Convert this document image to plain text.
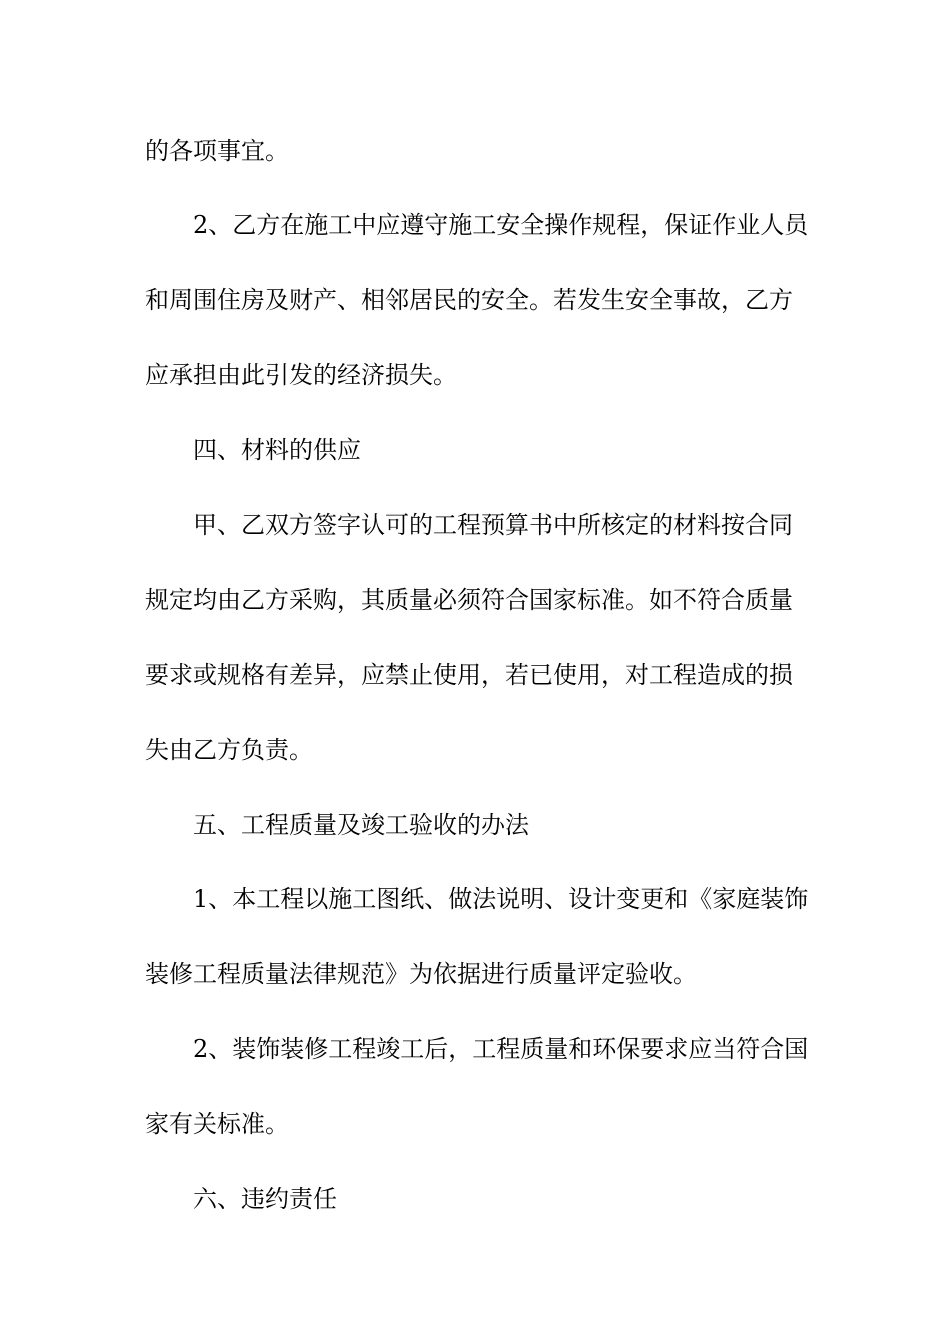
的各项事宜。
2、乙方在施工中应遵守施工安全操作规程，保证作业人员
和周围住房及财产、相邻居民的安全。若发生安全事故，乙方
应承担由此引发的经济损失。
四、材料的供应
甲、乙双方签字认可的工程预算书中所核定的材料按合同
规定均由乙方采购，其质量必须符合国家标准。如不符合质量
要求或规格有差异，应禁止使用，若已使用，对工程造成的损
失由乙方负责。
五、工程质量及竣工验收的办法
1、本工程以施工图纸、做法说明、设计变更和《家庭装饰
装修工程质量法律规范》为依据进行质量评定验收。
2、装饰装修工程竣工后，工程质量和环保要求应当符合国
家有关标准。
六、违约责任
